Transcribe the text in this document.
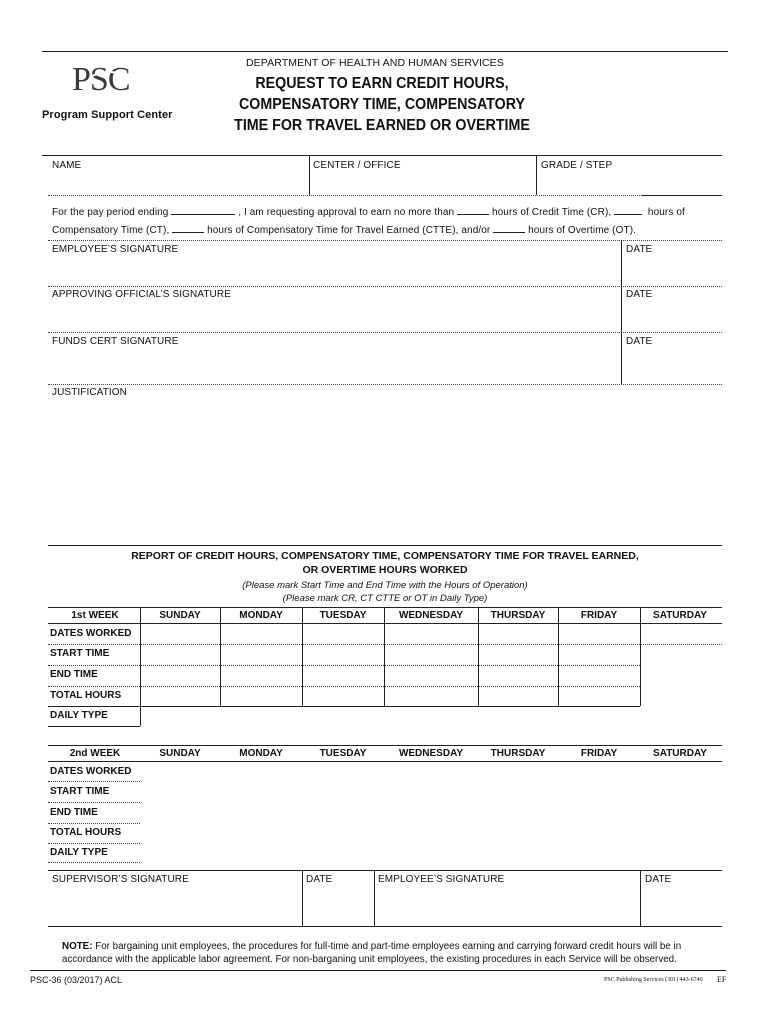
PSC
Program Support Center
DEPARTMENT OF HEALTH AND HUMAN SERVICES
REQUEST TO EARN CREDIT HOURS,
COMPENSATORY TIME, COMPENSATORY
TIME FOR TRAVEL EARNED OR OVERTIME
NAME	CENTER / OFFICE	GRADE / STEP
For the pay period ending	, I am requesting approval to earn no more than	hours of Credit Time (CR),	hours of
Compensatory Time (CT),	hours of Compensatory Time for Travel Earned (CTTE), and/or	hours of Overtime (OT).
EMPLOYEE’S SIGNATURE	DATE
APPROVING OFFICIAL’S SIGNATURE	DATE
FUNDS CERT SIGNATURE	DATE
JUSTIFICATION
REPORT OF CREDIT HOURS, COMPENSATORY TIME, COMPENSATORY TIME FOR TRAVEL EARNED,
OR OVERTIME HOURS WORKED
(Please mark Start Time and End Time with the Hours of Operation)
(Please mark CR, CT CTTE or OT in Daily Type)
1st WEEK	SUNDAY	MONDAY	TUESDAY	WEDNESDAY	THURSDAY	FRIDAY	SATURDAY
DATES WORKED
START TIME
END TIME
TOTAL HOURS
DAILY TYPE
2nd WEEK	SUNDAY	MONDAY	TUESDAY	WEDNESDAY	THURSDAY	FRIDAY	SATURDAY
DATES WORKED
START TIME
END TIME
TOTAL HOURS
DAILY TYPE
SUPERVISOR’S SIGNATURE	DATE	EMPLOYEE’S SIGNATURE	DATE
NOTE: For bargaining unit employees, the procedures for full-time and part-time employees earning and carrying forward credit hours will be in accordance with the applicable labor agreement. For non-barganing unit employees, the existing procedures in each Service will be observed.
PSC-36 (03/2017) ACL	PSC Publishing Services (301) 443-6740 EF
